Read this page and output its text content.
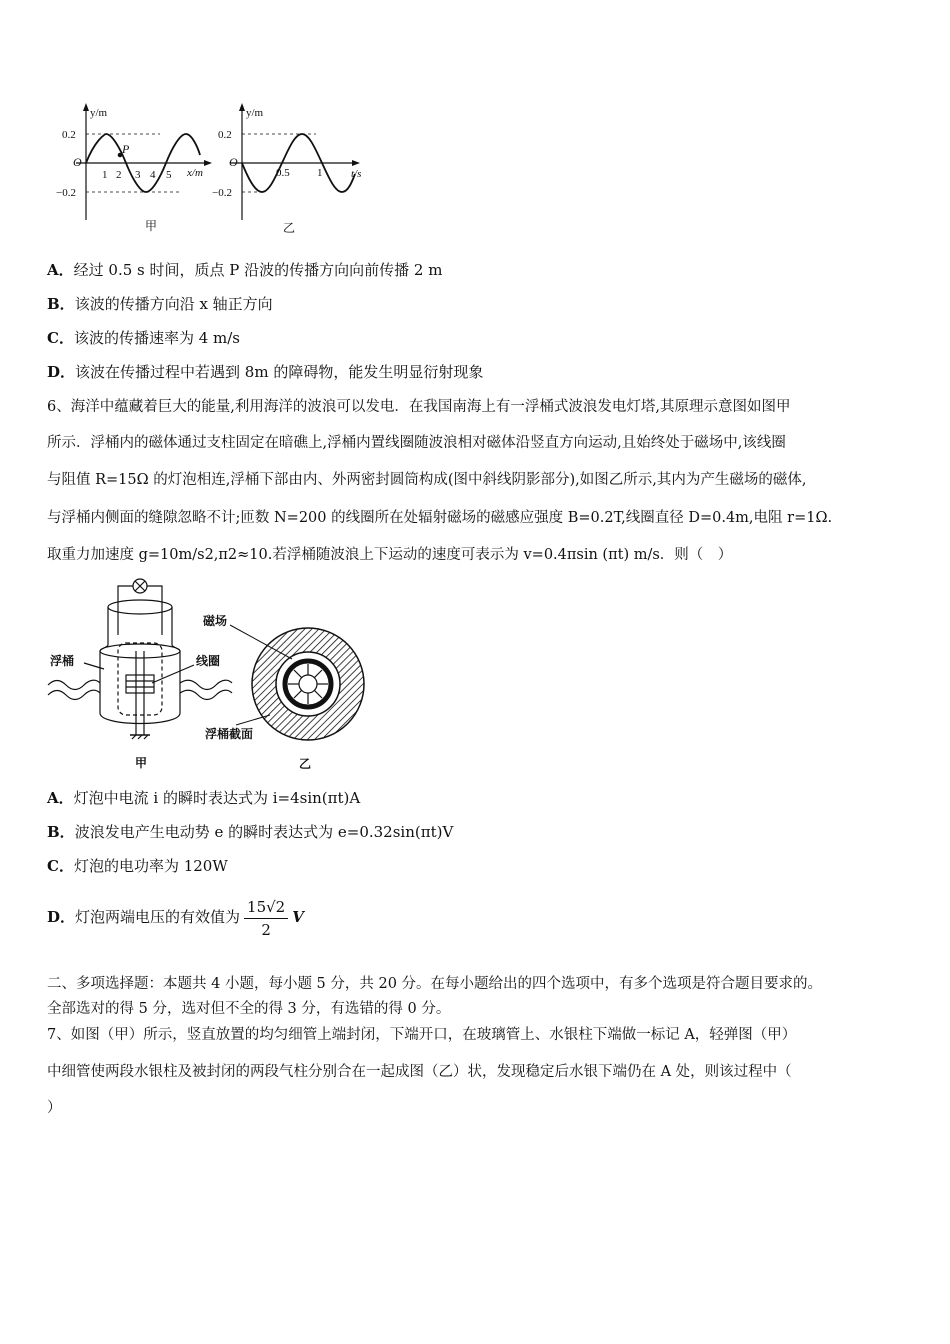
y/m
0.2
−0.2
O
P
1 2 3 4 5 x/m
甲
y/m
0.2
−0.2
O
0.5 1	t/s
乙
A．经过 0.5 s 时间，质点 P 沿波的传播方向向前传播 2 m
B．该波的传播方向沿 x 轴正方向
C．该波的传播速率为 4 m/s
D．该波在传播过程中若遇到 8m 的障碍物，能发生明显衍射现象
6、海洋中蕴藏着巨大的能量,利用海洋的波浪可以发电．在我国南海上有一浮桶式波浪发电灯塔,其原理示意图如图甲
所示．浮桶内的磁体通过支柱固定在暗礁上,浮桶内置线圈随波浪相对磁体沿竖直方向运动,且始终处于磁场中,该线圈
与阻值 R=15Ω 的灯泡相连,浮桶下部由内、外两密封圆筒构成(图中斜线阴影部分),如图乙所示,其内为产生磁场的磁体,
与浮桶内侧面的缝隙忽略不计;匝数 N=200 的线圈所在处辐射磁场的磁感应强度 B=0.2T,线圈直径 D=0.4m,电阻 r=1Ω.
取重力加速度 g=10m/s2,π2≈10.若浮桶随波浪上下运动的速度可表示为 v=0.4πsin (πt) m/s．则（　）
浮桶	线圈
甲
磁场
浮桶截面
乙
A．灯泡中电流 i 的瞬时表达式为 i=4sin(πt)A
B．波浪发电产生电动势 e 的瞬时表达式为 e=0.32sin(πt)V
C．灯泡的电功率为 120W
D．灯泡两端电压的有效值为 $\frac{15√2}{2}$ V
二、多项选择题：本题共 4 小题，每小题 5 分，共 20 分。在每小题给出的四个选项中，有多个选项是符合题目要求的。
全部选对的得 5 分，选对但不全的得 3 分，有选错的得 0 分。
7、如图（甲）所示，竖直放置的均匀细管上端封闭，下端开口，在玻璃管上、水银柱下端做一标记 A，轻弹图（甲）
中细管使两段水银柱及被封闭的两段气柱分别合在一起成图（乙）状，发现稳定后水银下端仍在 A 处，则该过程中（
）
